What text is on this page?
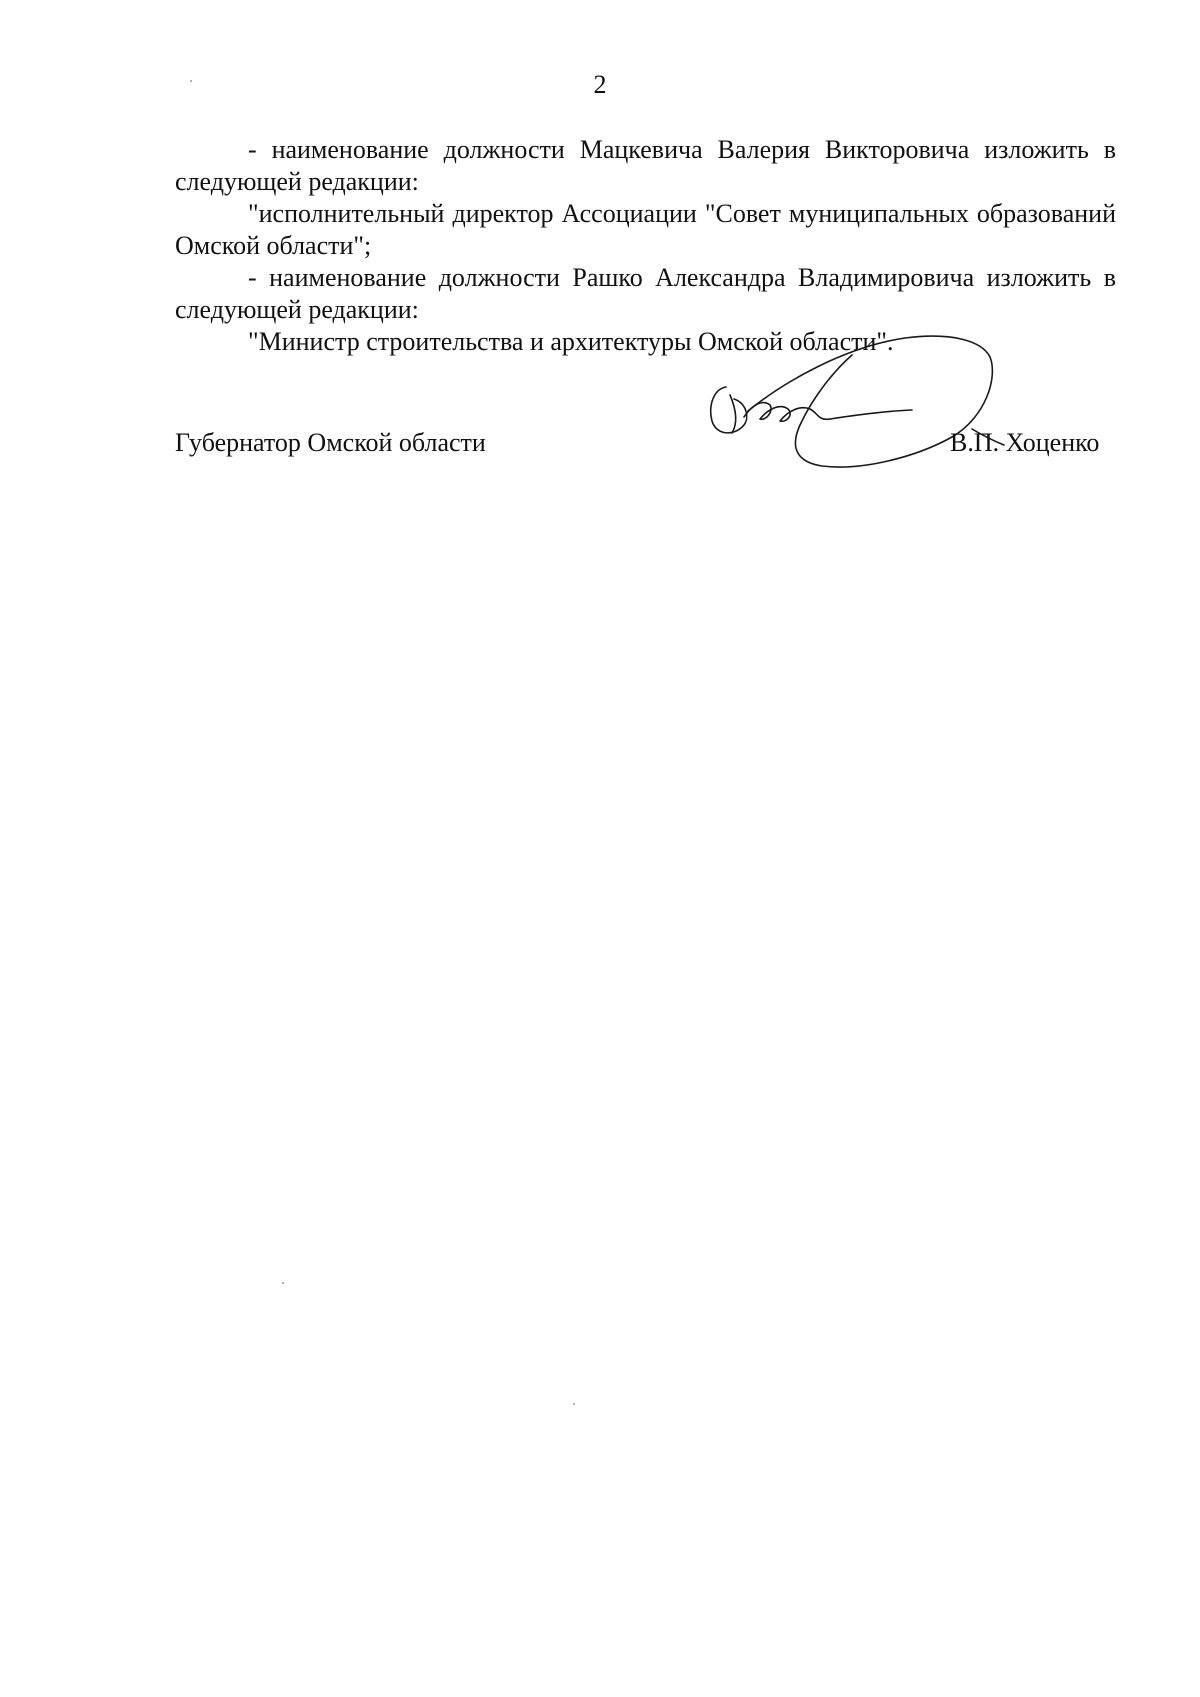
2

- наименование должности Мацкевича Валерия Викторовича изложить в следующей редакции:

"исполнительный директор Ассоциации "Совет муниципальных образований Омской области";

- наименование должности Рашко Александра Владимировича изложить в следующей редакции:

"Министр строительства и архитектуры Омской области".

Губернатор Омской области	В.П. Хоценко
